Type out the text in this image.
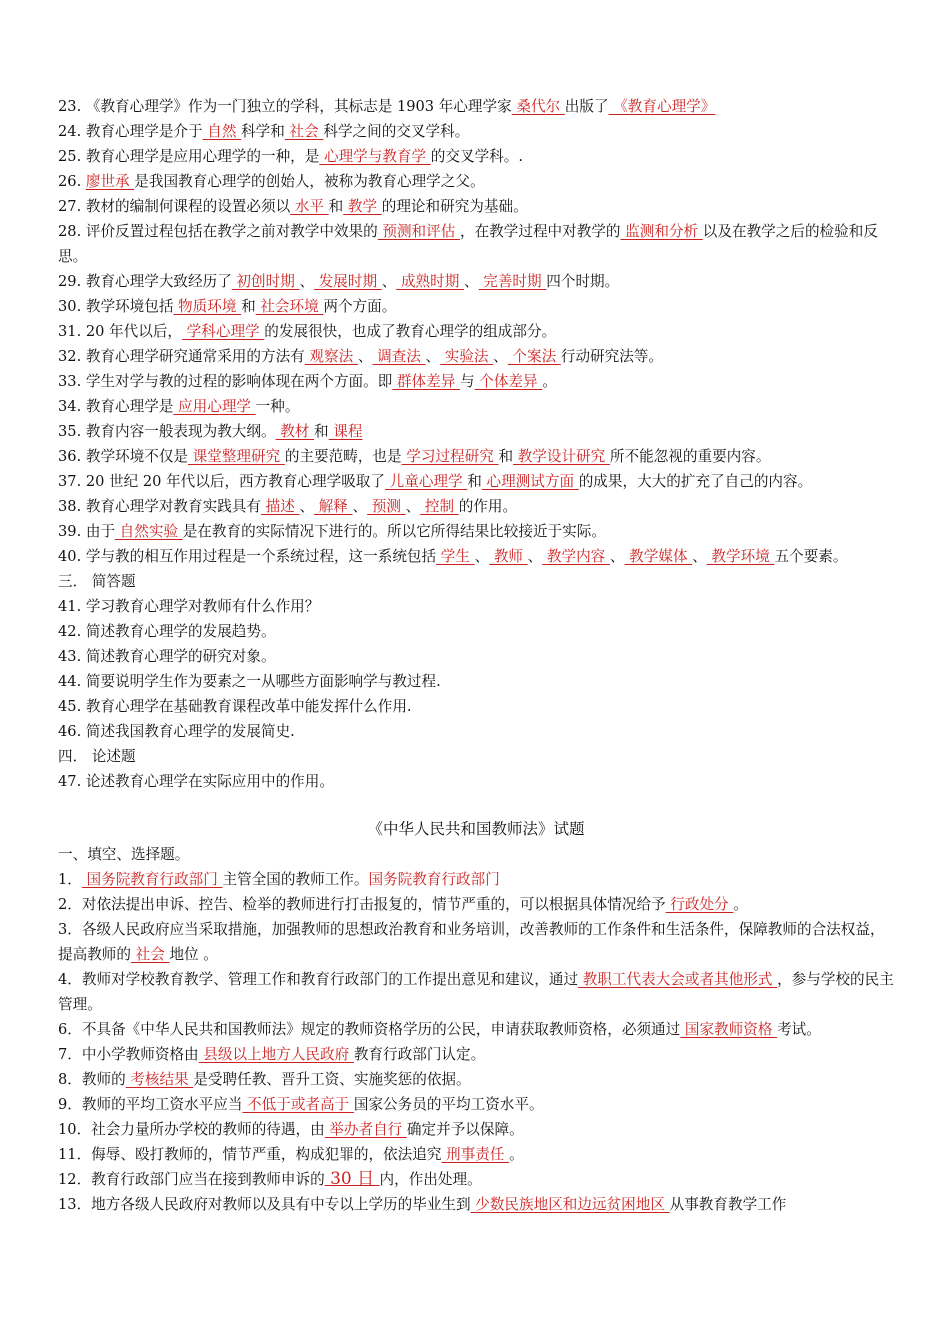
23. 《教育心理学》作为一门独立的学科，其标志是 1903 年心理学家 桑代尔 出版了 《教育心理学》

24. 教育心理学是介于 自然 科学和 社会 科学之间的交叉学科。

25. 教育心理学是应用心理学的一种，是 心理学与教育学 的交叉学科。.

26. 廖世承 是我国教育心理学的创始人，被称为教育心理学之父。

27. 教材的编制何课程的设置必须以 水平 和 教学 的理论和研究为基础。

28. 评价反置过程包括在教学之前对教学中效果的 预测和评估 ，在教学过程中对教学的 监测和分析 以及在教学之后的检验和反思。

29. 教育心理学大致经历了 初创时期 、 发展时期 、 成熟时期 、 完善时期 四个时期。

30. 教学环境包括 物质环境 和 社会环境 两个方面。

31. 20 年代以后， 学科心理学 的发展很快，也成了教育心理学的组成部分。

32. 教育心理学研究通常采用的方法有 观察法 、 调查法 、 实验法 、 个案法 行动研究法等。

33. 学生对学与教的过程的影响体现在两个方面。即 群体差异 与 个体差异 。

34. 教育心理学是 应用心理学 一种。

35. 教育内容一般表现为教大纲。 教材 和 课程

36. 教学环境不仅是 课堂整理研究 的主要范畴，也是 学习过程研究 和 教学设计研究 所不能忽视的重要内容。

37. 20 世纪 20 年代以后，西方教育心理学吸取了 儿童心理学 和 心理测试方面 的成果，大大的扩充了自己的内容。

38. 教育心理学对教育实践具有 描述 、 解释 、 预测 、 控制 的作用。

39. 由于 自然实验 是在教育的实际情况下进行的。所以它所得结果比较接近于实际。

40. 学与教的相互作用过程是一个系统过程，这一系统包括 学生 、 教师 、 教学内容 、 教学媒体 、 教学环境 五个要素。

三． 简答题

41. 学习教育心理学对教师有什么作用？

42. 简述教育心理学的发展趋势。

43. 简述教育心理学的研究对象。

44. 简要说明学生作为要素之一从哪些方面影响学与教过程.

45. 教育心理学在基础教育课程改革中能发挥什么作用.

46. 简述我国教育心理学的发展简史.

四． 论述题

47. 论述教育心理学在实际应用中的作用。

《中华人民共和国教师法》试题

一、填空、选择题。

1． 国务院教育行政部门 主管全国的教师工作。国务院教育行政部门

2．对依法提出申诉、控告、检举的教师进行打击报复的，情节严重的，可以根据具体情况给予 行政处分 。

3．各级人民政府应当采取措施，加强教师的思想政治教育和业务培训，改善教师的工作条件和生活条件，保障教师的合法权益，提高教师的 社会 地位 。

4．教师对学校教育教学、管理工作和教育行政部门的工作提出意见和建议，通过 教职工代表大会或者其他形式 ，参与学校的民主管理。

6．不具备《中华人民共和国教师法》规定的教师资格学历的公民，申请获取教师资格，必须通过 国家教师资格 考试。

7．中小学教师资格由 县级以上地方人民政府 教育行政部门认定。

8．教师的 考核结果 是受聘任教、晋升工资、实施奖惩的依据。

9．教师的平均工资水平应当 不低于或者高于 国家公务员的平均工资水平。

10．社会力量所办学校的教师的待遇，由 举办者自行 确定并予以保障。

11．侮辱、殴打教师的，情节严重，构成犯罪的，依法追究 刑事责任 。

12．教育行政部门应当在接到教师申诉的 30 日 内，作出处理。

13．地方各级人民政府对教师以及具有中专以上学历的毕业生到 少数民族地区和边远贫困地区 从事教育教学工作
